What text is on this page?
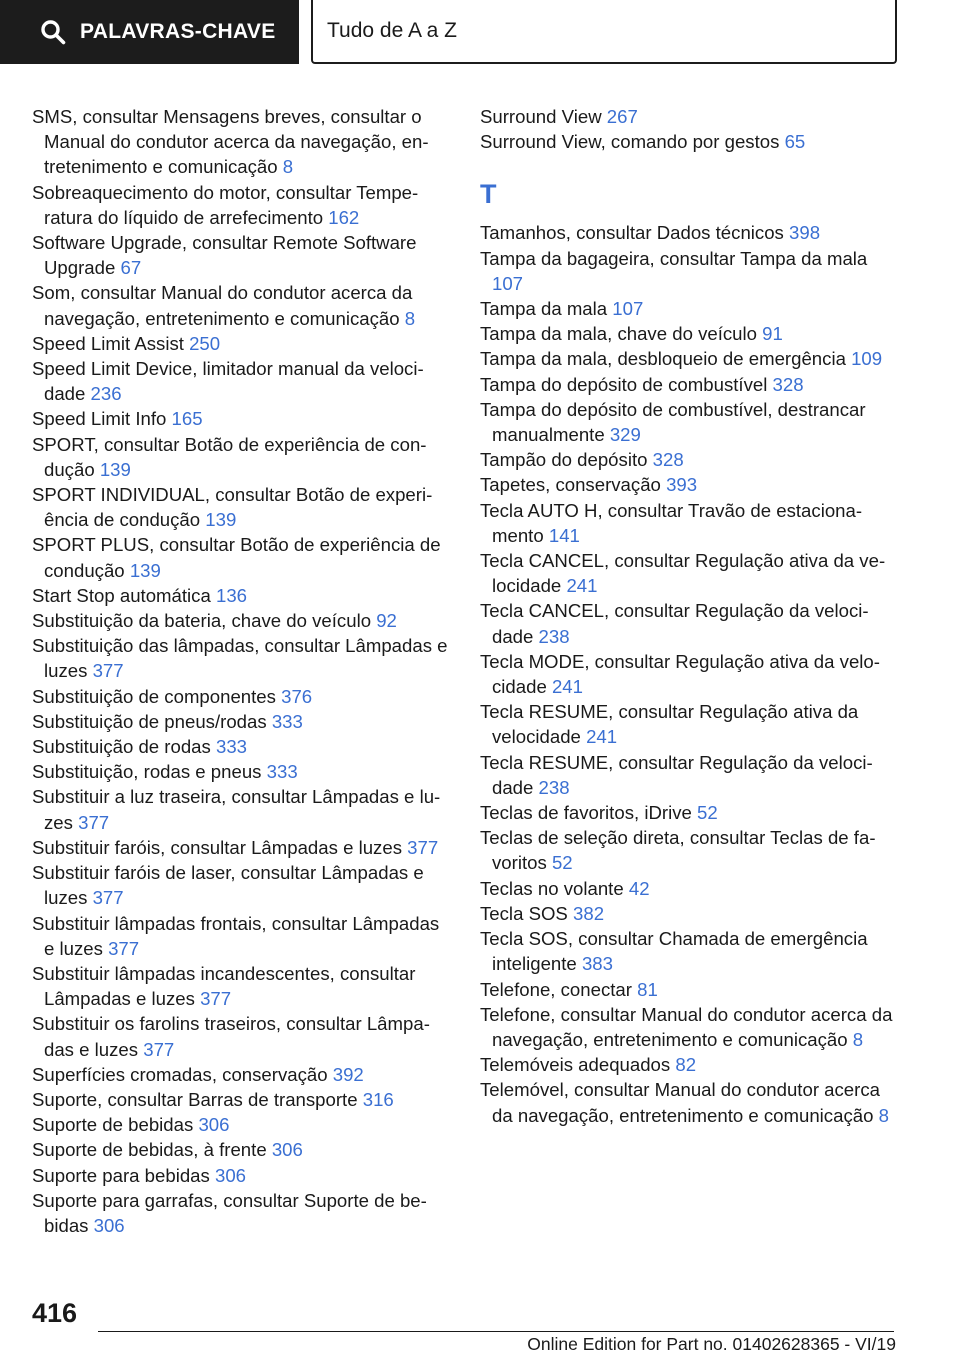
PALAVRAS-CHAVE Tudo de A a Z

SMS, consultar Mensagens breves, consultar o Manual do condutor acerca da navegação, entretenimento e comunicação 8

Sobreaquecimento do motor, consultar Temperatura do líquido de arrefecimento 162

Software Upgrade, consultar Remote Software Upgrade 67

Som, consultar Manual do condutor acerca da navegação, entretenimento e comunicação 8

Speed Limit Assist 250

Speed Limit Device, limitador manual da velocidade 236

Speed Limit Info 165

SPORT, consultar Botão de experiência de condução 139

SPORT INDIVIDUAL, consultar Botão de experiência de condução 139

SPORT PLUS, consultar Botão de experiência de condução 139

Start Stop automática 136

Substituição da bateria, chave do veículo 92

Substituição das lâmpadas, consultar Lâmpadas e luzes 377

Substituição de componentes 376

Substituição de pneus/rodas 333

Substituição de rodas 333

Substituição, rodas e pneus 333

Substituir a luz traseira, consultar Lâmpadas e luzes 377

Substituir faróis, consultar Lâmpadas e luzes 377

Substituir faróis de laser, consultar Lâmpadas e luzes 377

Substituir lâmpadas frontais, consultar Lâmpadas e luzes 377

Substituir lâmpadas incandescentes, consultar Lâmpadas e luzes 377

Substituir os farolins traseiros, consultar Lâmpadas e luzes 377

Superfícies cromadas, conservação 392

Suporte, consultar Barras de transporte 316

Suporte de bebidas 306

Suporte de bebidas, à frente 306

Suporte para bebidas 306

Suporte para garrafas, consultar Suporte de bebidas 306

Surround View 267

Surround View, comando por gestos 65

T

Tamanhos, consultar Dados técnicos 398

Tampa da bagageira, consultar Tampa da mala 107

Tampa da mala 107

Tampa da mala, chave do veículo 91

Tampa da mala, desbloqueio de emergência 109

Tampa do depósito de combustível 328

Tampa do depósito de combustível, destrancar manualmente 329

Tampão do depósito 328

Tapetes, conservação 393

Tecla AUTO H, consultar Travão de estacionamento 141

Tecla CANCEL, consultar Regulação ativa da velocidade 241

Tecla CANCEL, consultar Regulação da velocidade 238

Tecla MODE, consultar Regulação ativa da velocidade 241

Tecla RESUME, consultar Regulação ativa da velocidade 241

Tecla RESUME, consultar Regulação da velocidade 238

Teclas de favoritos, iDrive 52

Teclas de seleção direta, consultar Teclas de favoritos 52

Teclas no volante 42

Tecla SOS 382

Tecla SOS, consultar Chamada de emergência inteligente 383

Telefone, conectar 81

Telefone, consultar Manual do condutor acerca da navegação, entretenimento e comunicação 8

Telemóveis adequados 82

Telemóvel, consultar Manual do condutor acerca da navegação, entretenimento e comunicação 8

416
Online Edition for Part no. 01402628365 - VI/19
